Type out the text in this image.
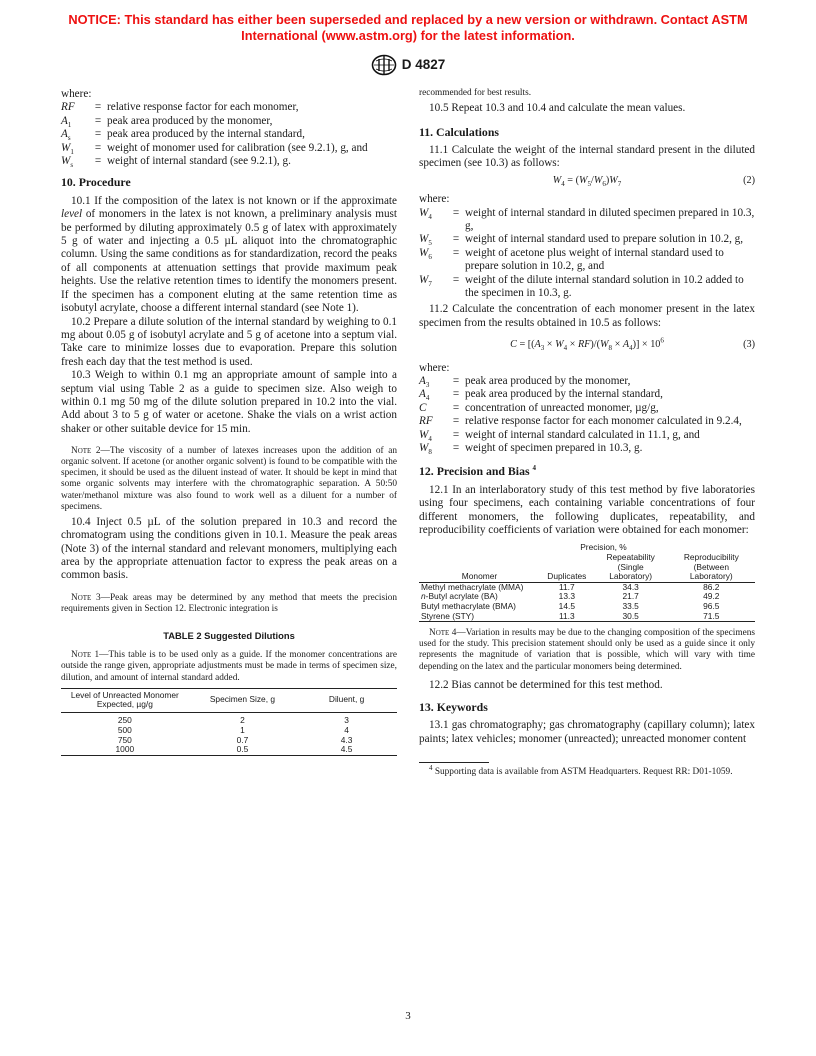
NOTICE: This standard has either been superseded and replaced by a new version or withdrawn. Contact ASTM International (www.astm.org) for the latest information.
D 4827
where:
RF	=	relative response factor for each monomer,
$A_1$	=	peak area produced by the monomer,
$A_s$	=	peak area produced by the internal standard,
$W_1$	=	weight of monomer used for calibration (see 9.2.1), g, and
$W_s$	=	weight of internal standard (see 9.2.1), g.
10. Procedure

10.1 If the composition of the latex is not known or if the approximate level of monomers in the latex is not known, a preliminary analysis must be performed by diluting approximately 0.5 g of latex with approximately 5 g of water and injecting a 0.5 µL aliquot into the chromatographic column. Using the same conditions as for standardization, record the peaks of all components at attenuation settings that provide maximum peak heights. Use the relative retention times to identify the monomers present. If the specimen has a component eluting at the same retention time as isobutyl acrylate, choose a different internal standard (see Note 1).

10.2 Prepare a dilute solution of the internal standard by weighing to 0.1 mg about 0.05 g of isobutyl acrylate and 5 g of acetone into a septum vial. Take care to minimize losses due to evaporation. Prepare this solution fresh each day that the test method is used.

10.3 Weigh to within 0.1 mg an appropriate amount of sample into a septum vial using Table 2 as a guide to specimen size. Also weigh to within 0.1 mg 50 mg of the dilute solution prepared in 10.2 into the vial. Add about 3 to 5 g of water or acetone. Shake the vials on a wrist action shaker or other suitable device for 15 min.

Note 2—The viscosity of a number of latexes increases upon the addition of an organic solvent. If acetone (or another organic solvent) is found to be compatible with the specimen, it should be used as the diluent instead of water. It should be kept in mind that some organic solvents may interfere with the chromatographic separation. A 50:50 water/methanol mixture was also found to work well as a diluent for a number of specimens.

10.4 Inject 0.5 µL of the solution prepared in 10.3 and record the chromatogram using the conditions given in 10.1. Measure the peak areas (Note 3) of the internal standard and relevant monomers, multiplying each area by the appropriate attenuation factor to express the peak areas on a common basis.

Note 3—Peak areas may be determined by any method that meets the precision requirements given in Section 12. Electronic integration is

TABLE 2 Suggested Dilutions

Note 1—This table is to be used only as a guide. If the monomer concentrations are outside the range given, appropriate adjustments must be made in terms of specimen size, dilution, and amount of internal standard added.

Level of Unreacted Monomer Expected, µg/g	Specimen Size, g	Diluent, g

250	2	3
500	1	4
750	0.7	4.3
1000	0.5	4.5
recommended for best results.

10.5 Repeat 10.3 and 10.4 and calculate the mean values.

11. Calculations

11.1 Calculate the weight of the internal standard present in the diluted specimen (see 10.3) as follows:

$W_4 = (W_5/W_6)W_7$	(2)
where:
$W_4$	=	weight of internal standard in diluted specimen prepared in 10.3, g,
$W_5$	=	weight of internal standard used to prepare solution in 10.2, g,
$W_6$	=	weight of acetone plus weight of internal standard used to prepare solution in 10.2, g, and
$W_7$	=	weight of the dilute internal standard solution in 10.2 added to the specimen in 10.3, g.

11.2 Calculate the concentration of each monomer present in the latex specimen from the results obtained in 10.5 as follows:

$C = [(A_3 \times W_4 \times RF)/(W_8 \times A_4)] \times 10^6$	(3)
where:
$A_3$	=	peak area produced by the monomer,
$A_4$	=	peak area produced by the internal standard,
C	=	concentration of unreacted monomer, µg/g,
RF	=	relative response factor for each monomer calculated in 9.2.4,
$W_4$	=	weight of internal standard calculated in 11.1, g, and
$W_8$	=	weight of specimen prepared in 10.3, g.
12. Precision and Bias $^4$

12.1 In an interlaboratory study of this test method by five laboratories using four specimens, each containing variable concentrations of four different monomers, the following duplicates, repeatability, and reproducibility coefficients of variation were obtained for each monomer:

	Precision, %		
Monomer	Duplicates	Repeatability
(Single
Laboratory)	Reproducibility
(Between
Laboratory)
Methyl methacrylate (MMA)	11.7	34.3	86.2
n-Butyl acrylate (BA)	13.3	21.7	49.2
Butyl methacrylate (BMA)	14.5	33.5	96.5
Styrene (STY)	11.3	30.5	71.5

Note 4—Variation in results may be due to the changing composition of the specimens used for the study. This precision statement should only be used as a guide since it only represents the magnitude of variation that is possible, which will vary with time depending on the latex and the particular monomers being determined.

12.2 Bias cannot be determined for this test method.

13. Keywords

13.1 gas chromatography; gas chromatography (capillary column); latex paints; latex vehicles; monomer (unreacted); unreacted monomer content

$^4$ Supporting data is available from ASTM Headquarters. Request RR: D01-1059.

3
